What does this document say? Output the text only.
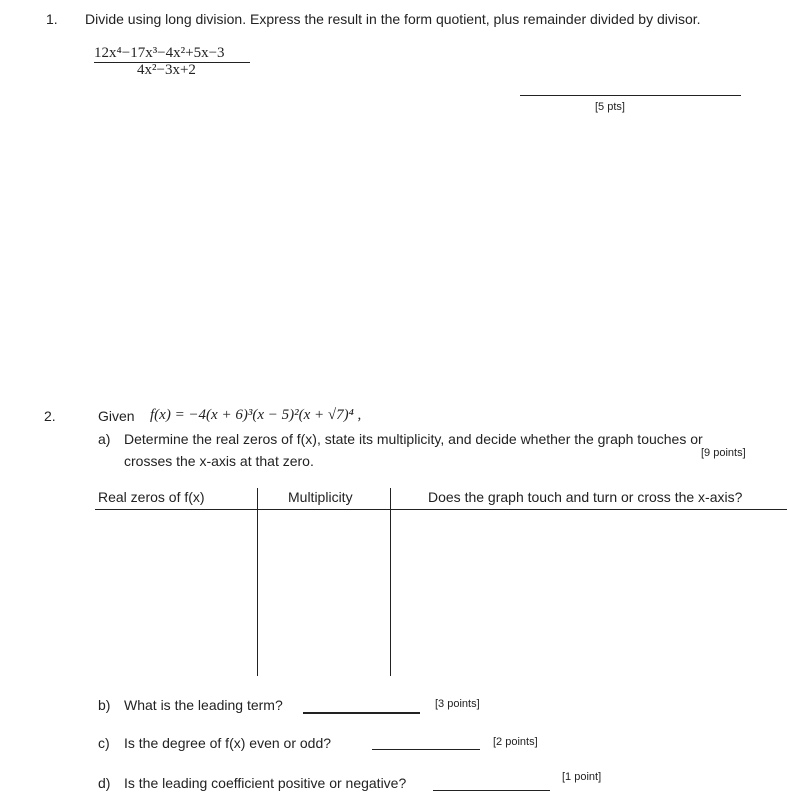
1. Divide using long division. Express the result in the form quotient, plus remainder divided by divisor.
12x⁴−17x³−4x²+5x−3
4x²−3x+2
[5 pts]
2.	Given f(x) = −4(x + 6)³(x − 5)²(x + √7)⁴ ,
a) Determine the real zeros of f(x), state its multiplicity, and decide whether the graph touches or
crosses the x-axis at that zero.	[9 points]
Real zeros of f(x)	Multiplicity	Does the graph touch and turn or cross the x-axis?
b) What is the leading term?	[3 points]
c) Is the degree of f(x) even or odd?	[2 points]
d) Is the leading coefficient positive or negative?	[1 point]
